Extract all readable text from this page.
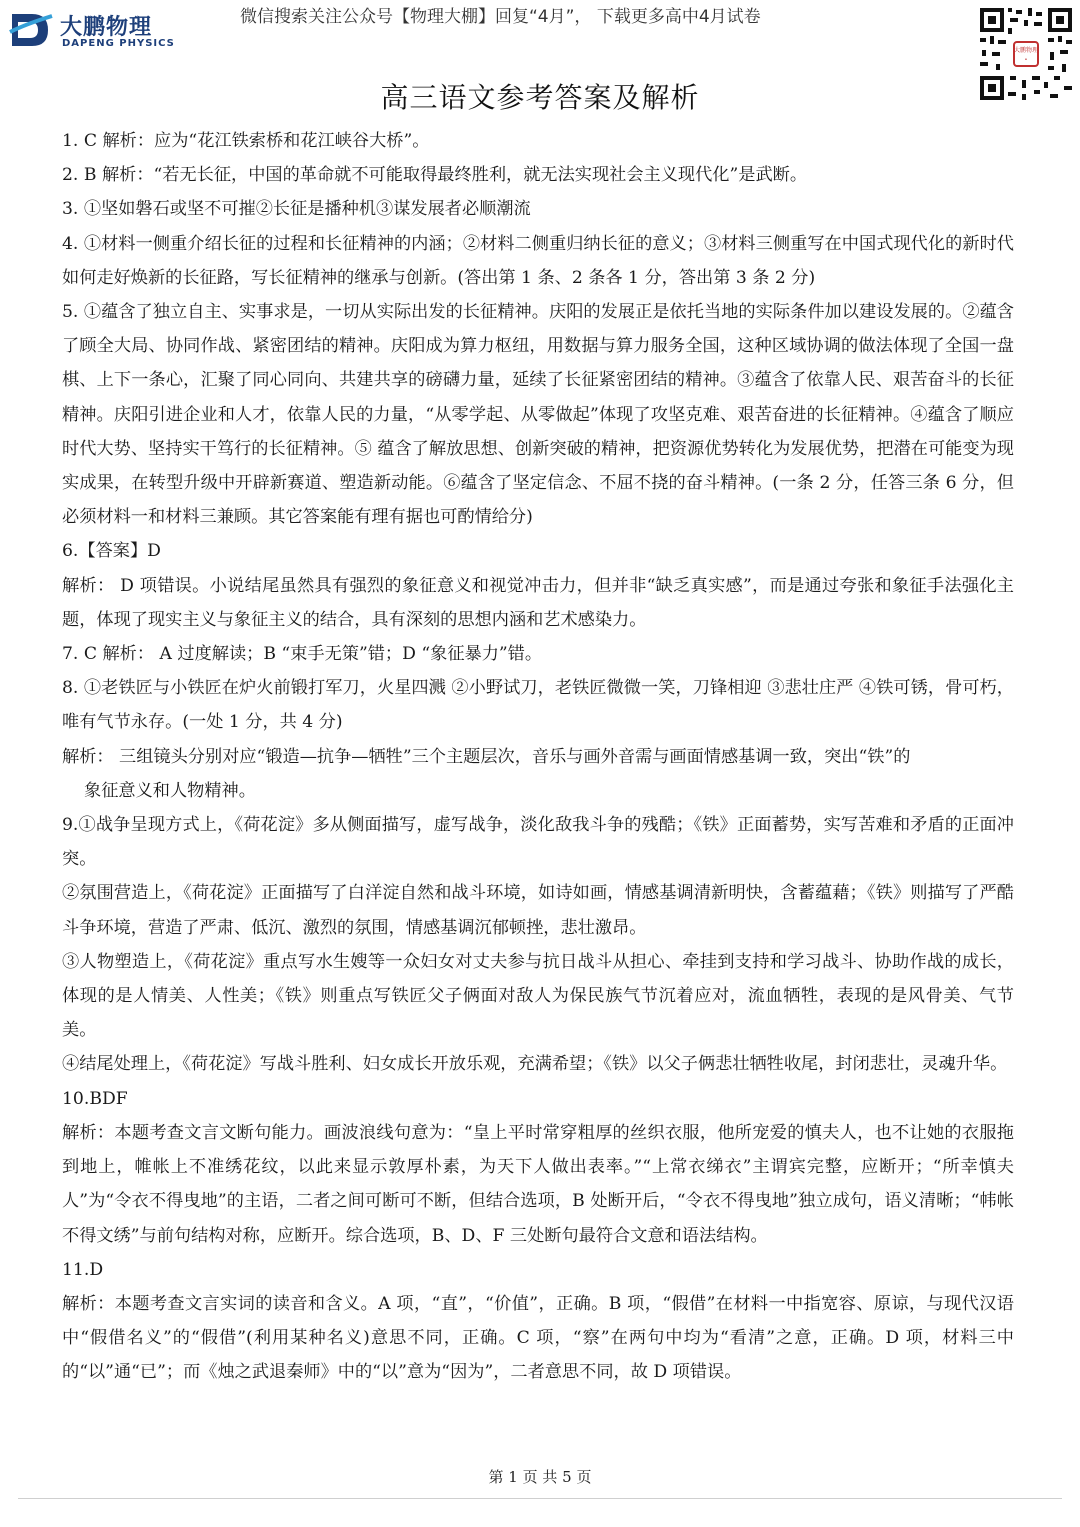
大鹏物理
DAPENG PHYSICS
微信搜索关注公众号【物理大棚】回复“4月”， 下载更多高中4月试卷
大鹏物理
•
高三语文参考答案及解析

1. C 解析：应为“花江铁索桥和花江峡谷大桥”。

2. B 解析：“若无长征，中国的革命就不可能取得最终胜利，就无法实现社会主义现代化”是武断。

3. ①坚如磐石或坚不可摧②长征是播种机③谋发展者必顺潮流

4. ①材料一侧重介绍长征的过程和长征精神的内涵；②材料二侧重归纳长征的意义；③材料三侧重写在中国式现代化的新时代如何走好焕新的长征路，写长征精神的继承与创新。(答出第 1 条、2 条各 1 分，答出第 3 条 2 分)

5. ①蕴含了独立自主、实事求是，一切从实际出发的长征精神。庆阳的发展正是依托当地的实际条件加以建设发展的。②蕴含了顾全大局、协同作战、紧密团结的精神。庆阳成为算力枢纽，用数据与算力服务全国，这种区域协调的做法体现了全国一盘棋、上下一条心，汇聚了同心同向、共建共享的磅礴力量，延续了长征紧密团结的精神。③蕴含了依靠人民、艰苦奋斗的长征精神。庆阳引进企业和人才，依靠人民的力量，“从零学起、从零做起”体现了攻坚克难、艰苦奋进的长征精神。④蕴含了顺应时代大势、坚持实干笃行的长征精神。⑤ 蕴含了解放思想、创新突破的精神，把资源优势转化为发展优势，把潜在可能变为现实成果，在转型升级中开辟新赛道、塑造新动能。⑥蕴含了坚定信念、不屈不挠的奋斗精神。(一条 2 分，任答三条 6 分，但必须材料一和材料三兼顾。其它答案能有理有据也可酌情给分)

6.【答案】D

解析： D 项错误。小说结尾虽然具有强烈的象征意义和视觉冲击力，但并非“缺乏真实感”，而是通过夸张和象征手法强化主题，体现了现实主义与象征主义的结合，具有深刻的思想内涵和艺术感染力。

7. C 解析： A 过度解读；B “束手无策”错；D “象征暴力”错。

8. ①老铁匠与小铁匠在炉火前锻打军刀，火星四溅 ②小野试刀，老铁匠微微一笑，刀锋相迎 ③悲壮庄严 ④铁可锈，骨可朽，唯有气节永存。(一处 1 分，共 4 分)

解析： 三组镜头分别对应“锻造—抗争—牺牲”三个主题层次，音乐与画外音需与画面情感基调一致，突出“铁”的

象征意义和人物精神。

9.①战争呈现方式上，《荷花淀》多从侧面描写，虚写战争，淡化敌我斗争的残酷；《铁》正面蓄势，实写苦难和矛盾的正面冲突。

②氛围营造上，《荷花淀》正面描写了白洋淀自然和战斗环境，如诗如画，情感基调清新明快，含蓄蕴藉；《铁》则描写了严酷斗争环境，营造了严肃、低沉、激烈的氛围，情感基调沉郁顿挫，悲壮激昂。

③人物塑造上，《荷花淀》重点写水生嫂等一众妇女对丈夫参与抗日战斗从担心、牵挂到支持和学习战斗、协助作战的成长，体现的是人情美、人性美；《铁》则重点写铁匠父子俩面对敌人为保民族气节沉着应对，流血牺牲，表现的是风骨美、气节美。

④结尾处理上，《荷花淀》写战斗胜利、妇女成长开放乐观，充满希望；《铁》以父子俩悲壮牺牲收尾，封闭悲壮，灵魂升华。

10.BDF

解析：本题考查文言文断句能力。画波浪线句意为：“皇上平时常穿粗厚的丝织衣服，他所宠爱的慎夫人，也不让她的衣服拖到地上，帷帐上不准绣花纹，以此来显示敦厚朴素，为天下人做出表率。”“上常衣绨衣”主谓宾完整，应断开；“所幸慎夫人”为“令衣不得曳地”的主语，二者之间可断可不断，但结合选项，B 处断开后，“令衣不得曳地”独立成句，语义清晰；“帏帐不得文绣”与前句结构对称，应断开。综合选项，B、D、F 三处断句最符合文意和语法结构。

11.D

解析：本题考查文言实词的读音和含义。A 项，“直”，“价值”，正确。B 项，“假借”在材料一中指宽容、原谅，与现代汉语中“假借名义”的“假借”(利用某种名义)意思不同，正确。C 项，“察”在两句中均为“看清”之意，正确。D 项，材料三中的“以”通“已”；而《烛之武退秦师》中的“以”意为“因为”，二者意思不同，故 D 项错误。

第 1 页 共 5 页
